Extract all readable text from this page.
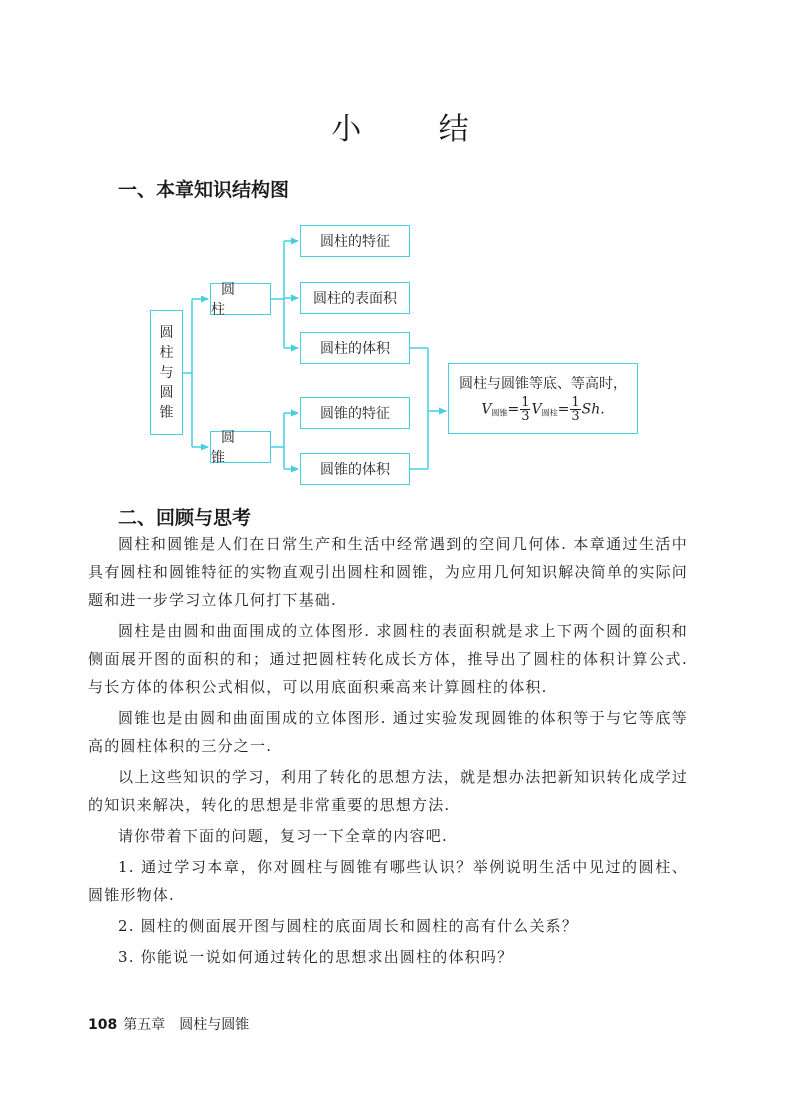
小 结
一、本章知识结构图
圆
柱
与
圆
锥
圆 柱
圆 锥
圆柱的特征
圆柱的表面积
圆柱的体积
圆锥的特征
圆锥的体积
圆柱与圆锥等底、等高时，
$V_{圆锥}= \frac{1}{3} V_{圆柱}= \frac{1}{3} Sh$.
二、回顾与思考

圆柱和圆锥是人们在日常生产和生活中经常遇到的空间几何体. 本章通过生活中具有圆柱和圆锥特征的实物直观引出圆柱和圆锥，为应用几何知识解决简单的实际问题和进一步学习立体几何打下基础.

圆柱是由圆和曲面围成的立体图形. 求圆柱的表面积就是求上下两个圆的面积和侧面展开图的面积的和；通过把圆柱转化成长方体，推导出了圆柱的体积计算公式. 与长方体的体积公式相似，可以用底面积乘高来计算圆柱的体积.

圆锥也是由圆和曲面围成的立体图形. 通过实验发现圆锥的体积等于与它等底等高的圆柱体积的三分之一.

以上这些知识的学习，利用了转化的思想方法，就是想办法把新知识转化成学过的知识来解决，转化的思想是非常重要的思想方法.

请你带着下面的问题，复习一下全章的内容吧.

1. 通过学习本章，你对圆柱与圆锥有哪些认识？举例说明生活中见过的圆柱、圆锥形物体.

2. 圆柱的侧面展开图与圆柱的底面周长和圆柱的高有什么关系？

3. 你能说一说如何通过转化的思想求出圆柱的体积吗？

108 第五章 圆柱与圆锥
